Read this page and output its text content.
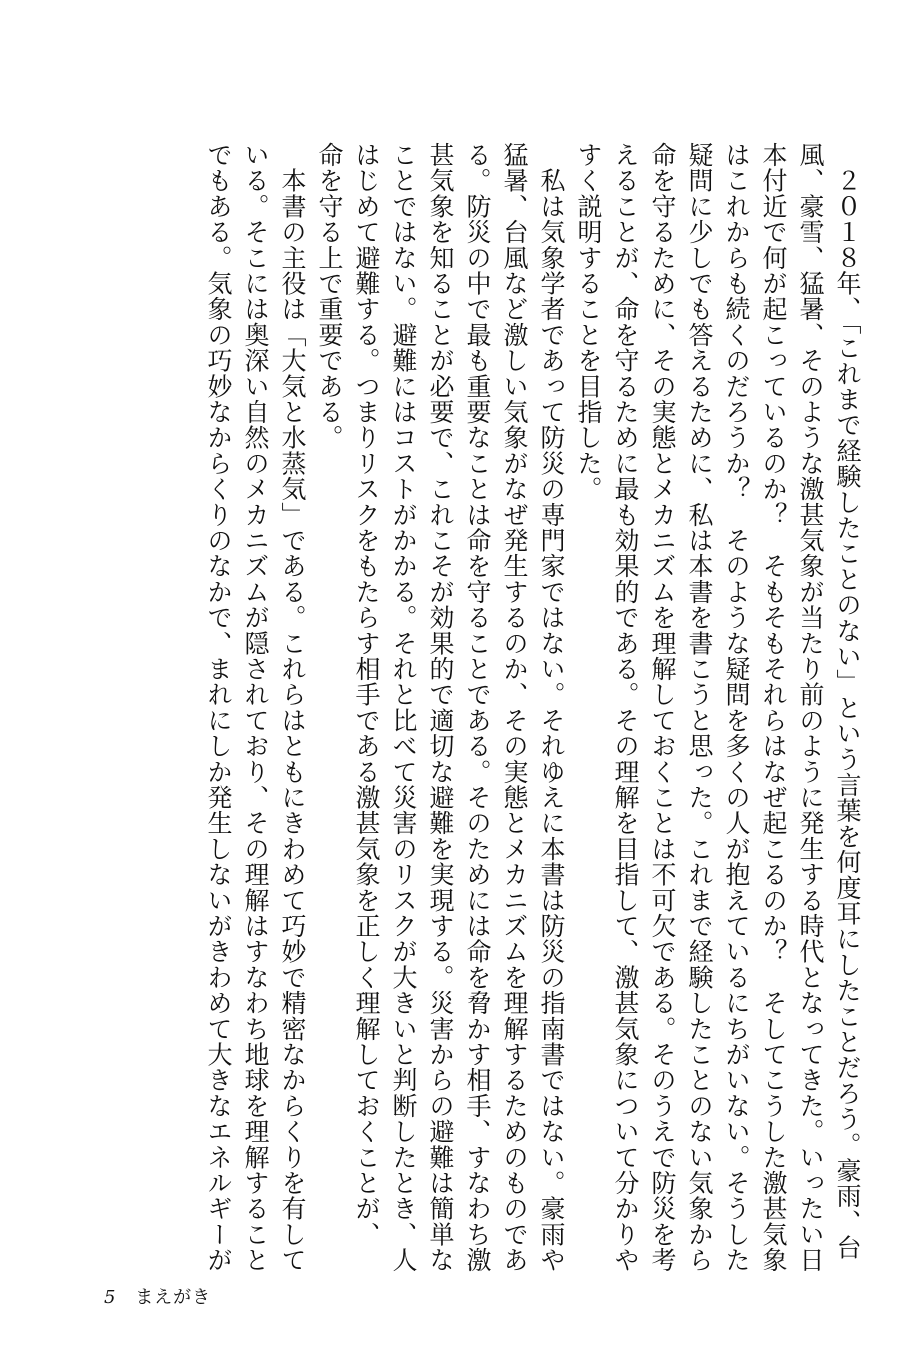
　２０１８年、「これまで経験したことのない」という言葉を何度耳にしたことだろう。豪雨、台
風、豪雪、猛暑、そのような激甚気象が当たり前のように発生する時代となってきた。いったい日
本付近で何が起こっているのか？　そもそもそれらはなぜ起こるのか？　そしてこうした激甚気象
はこれからも続くのだろうか？　そのような疑問を多くの人が抱えているにちがいない。そうした
疑問に少しでも答えるために、私は本書を書こうと思った。これまで経験したことのない気象から
命を守るために、その実態とメカニズムを理解しておくことは不可欠である。そのうえで防災を考
えることが、命を守るために最も効果的である。その理解を目指して、激甚気象について分かりや
すく説明することを目指した。
　私は気象学者であって防災の専門家ではない。それゆえに本書は防災の指南書ではない。豪雨や
猛暑、台風など激しい気象がなぜ発生するのか、その実態とメカニズムを理解するためのものであ
る。防災の中で最も重要なことは命を守ることである。そのためには命を脅かす相手、すなわち激
甚気象を知ることが必要で、これこそが効果的で適切な避難を実現する。災害からの避難は簡単な
ことではない。避難にはコストがかかる。それと比べて災害のリスクが大きいと判断したとき、人
はじめて避難する。つまりリスクをもたらす相手である激甚気象を正しく理解しておくことが、
命を守る上で重要である。
　本書の主役は「大気と水蒸気」である。これらはともにきわめて巧妙で精密なからくりを有して
いる。そこには奥深い自然のメカニズムが隠されており、その理解はすなわち地球を理解すること
でもある。気象の巧妙なからくりのなかで、まれにしか発生しないがきわめて大きなエネルギーが
5 まえがき
